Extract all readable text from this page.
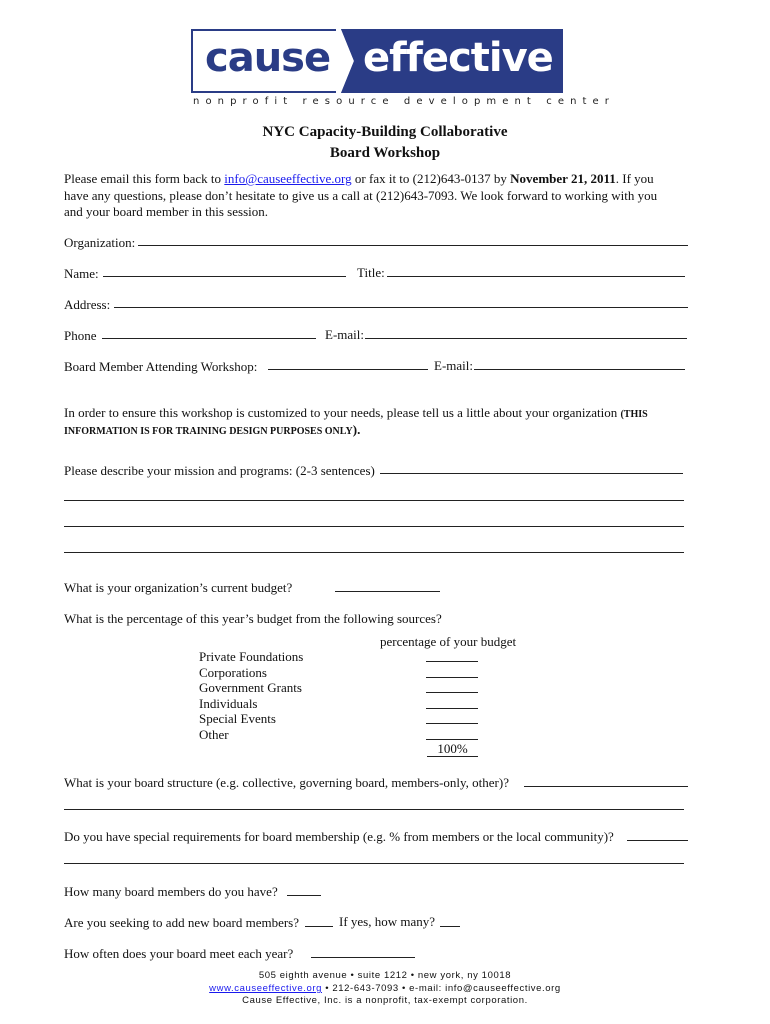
cause effective
nonprofit resource development center
NYC Capacity-Building Collaborative
Board Workshop
Please email this form back to info@causeeffective.org or fax it to (212)643-0137 by November 21, 2011. If you
have any questions, please don’t hesitate to give us a call at (212)643-7093. We look forward to working with you
and your board member in this session.
Organization:
Name:	Title:
Address:
Phone	E-mail:
Board Member Attending Workshop:	E-mail:
In order to ensure this workshop is customized to your needs, please tell us a little about your organization (THIS
INFORMATION IS FOR TRAINING DESIGN PURPOSES ONLY).
Please describe your mission and programs: (2-3 sentences)
What is your organization’s current budget?
What is the percentage of this year’s budget from the following sources?
percentage of your budget
Private Foundations
Corporations
Government Grants
Individuals
Special Events
Other
100%
What is your board structure (e.g. collective, governing board, members-only, other)?
Do you have special requirements for board membership (e.g. % from members or the local community)?
How many board members do you have?
Are you seeking to add new board members?	If yes, how many?
How often does your board meet each year?
505 eighth avenue • suite 1212 • new york, ny 10018
www.causeeffective.org • 212-643-7093 • e-mail: info@causeeffective.org
Cause Effective, Inc. is a nonprofit, tax-exempt corporation.
